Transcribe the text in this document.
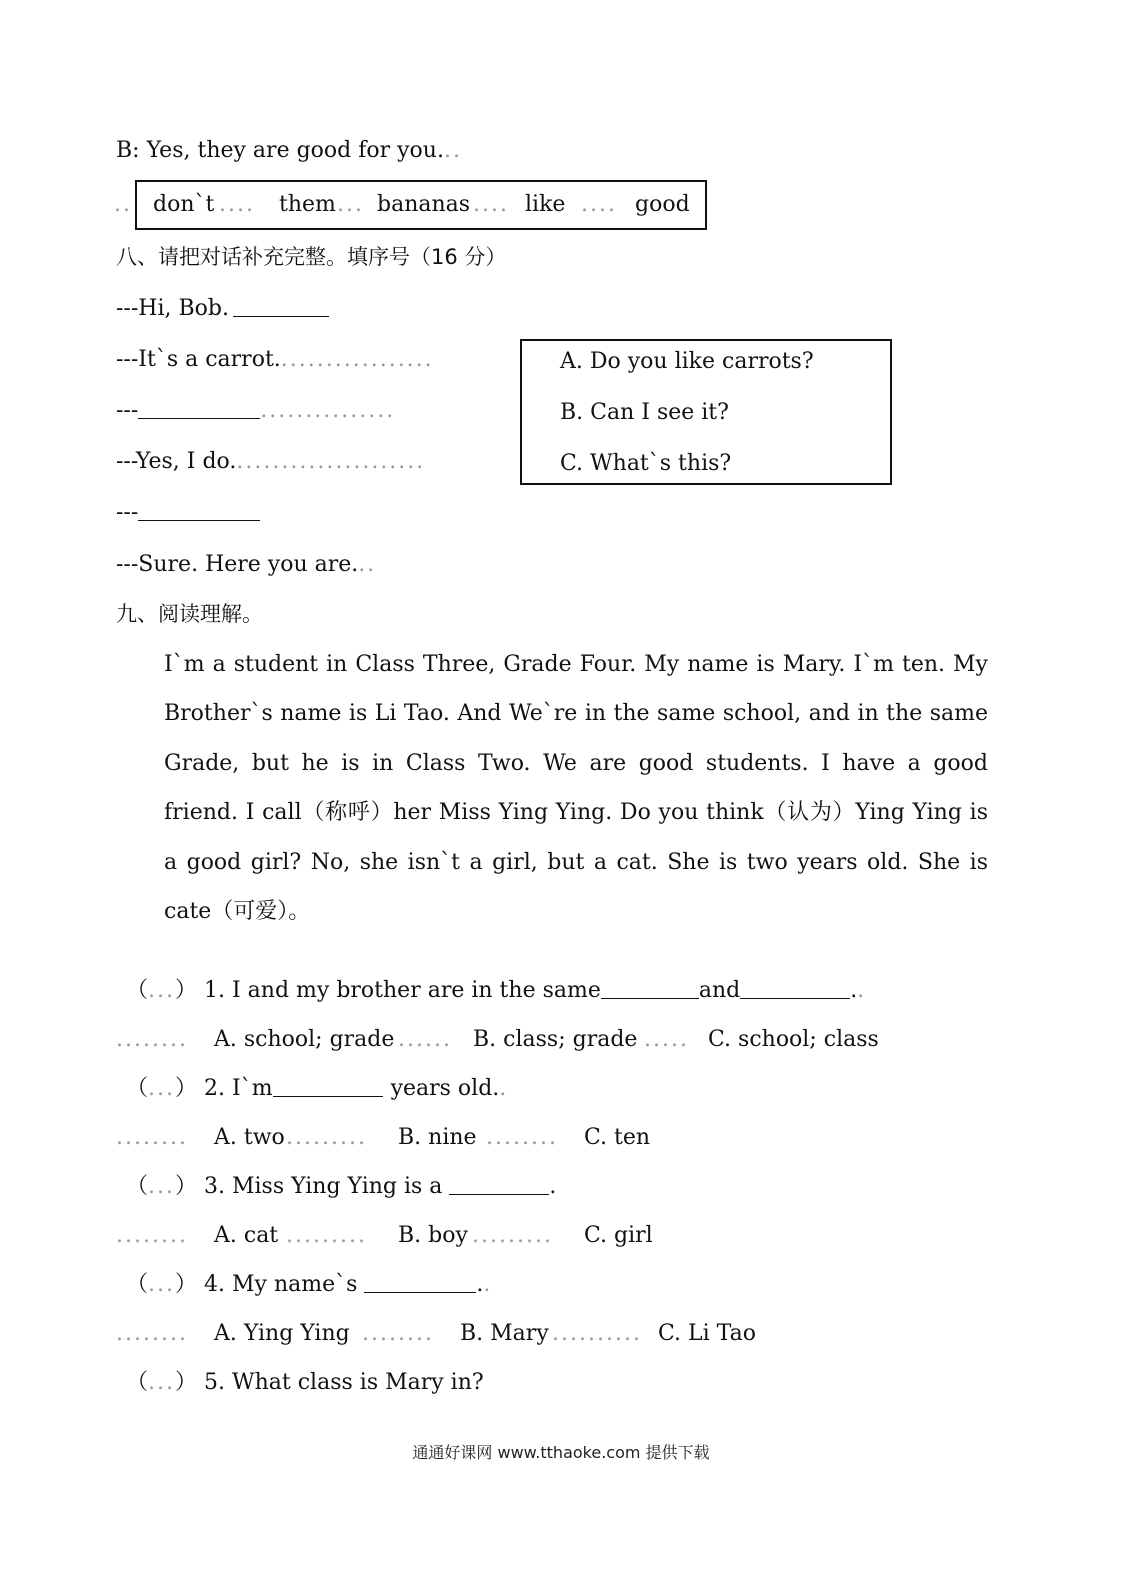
B: Yes, they are good for you...
don`t .... them ... bananas .... like .... good
..
八、请把对话补充完整。填序号（16 分）
---Hi, Bob.
---It`s a carrot..................
---	...............
---Yes, I do......................
---
---Sure. Here you are...
A. Do you like carrots?
B. Can I see it?
C. What`s this?
九、阅读理解。

I`m a student in Class Three, Grade Four. My name is Mary. I`m ten. My Brother`s name is Li Tao. And We`re in the same school, and in the same Grade, but he is in Class Two. We are good students. I have a good friend. I call（称呼）her Miss Ying Ying. Do you think（认为）Ying Ying is a good girl? No, she isn`t a girl, but a cat. She is two years old. She is cate（可爱）。

（...） 1. I and my brother are in the same	and	..
........ A. school; grade ...... B. class; grade ..... C. school; class
（...） 2. I`m	years old..
........ A. two ......... B. nine ........ C. ten
（...） 3. Miss Ying Ying is a	.
........ A. cat ......... B. boy ......... C. girl
（...） 4. My name`s	..
........ A. Ying Ying ........ B. Mary .......... C. Li Tao
（...） 5. What class is Mary in?
通通好课网 www.tthaoke.com 提供下载
